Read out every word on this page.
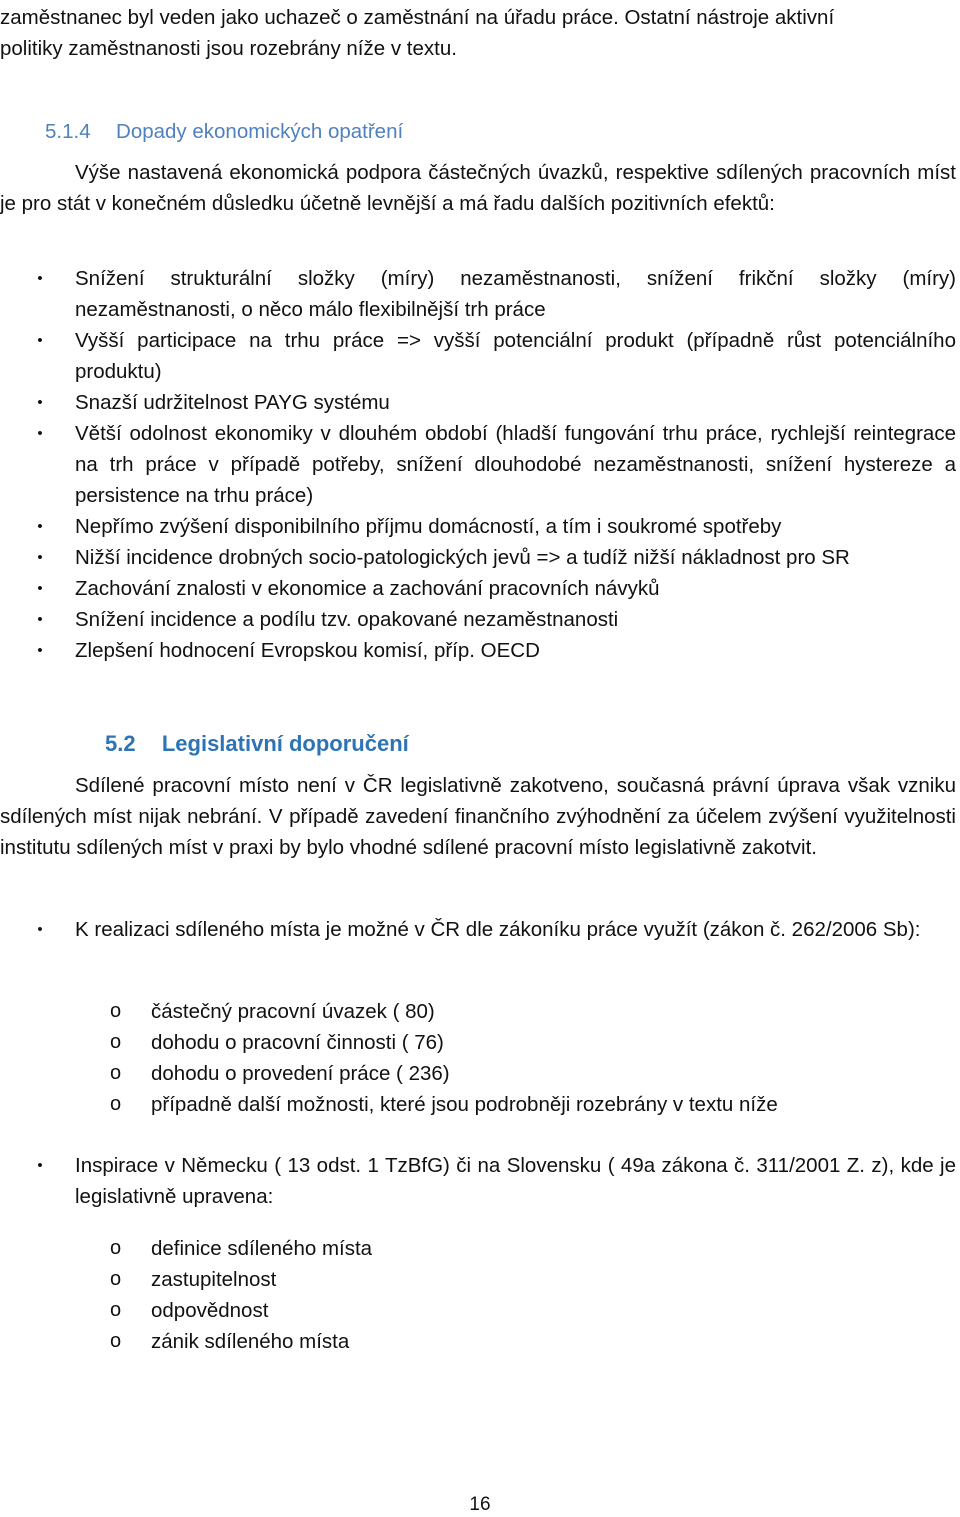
zaměstnanec byl veden jako uchazeč o zaměstnání na úřadu práce. Ostatní nástroje aktivní

politiky zaměstnanosti jsou rozebrány níže v textu.

5.1.4 Dopady ekonomických opatření

Výše nastavená ekonomická podpora částečných úvazků, respektive sdílených pracovních míst je pro stát v konečném důsledku účetně levnější a má řadu dalších pozitivních efektů:

•	Snížení strukturální složky (míry) nezaměstnanosti, snížení frikční složky (míry) nezaměstnanosti, o něco málo flexibilnější trh práce
•	Vyšší participace na trhu práce => vyšší potenciální produkt (případně růst potenciálního produktu)
•	Snazší udržitelnost PAYG systému
•	Větší odolnost ekonomiky v dlouhém období (hladší fungování trhu práce, rychlejší reintegrace na trh práce v případě potřeby, snížení dlouhodobé nezaměstnanosti, snížení hystereze a persistence na trhu práce)
•	Nepřímo zvýšení disponibilního příjmu domácností, a tím i soukromé spotřeby
•	Nižší incidence drobných socio-patologických jevů => a tudíž nižší nákladnost pro SR
•	Zachování znalosti v ekonomice a zachování pracovních návyků
•	Snížení incidence a podílu tzv. opakované nezaměstnanosti
•	Zlepšení hodnocení Evropskou komisí, příp. OECD
5.2 Legislativní doporučení

Sdílené pracovní místo není v ČR legislativně zakotveno, současná právní úprava však vzniku sdílených míst nijak nebrání. V případě zavedení finančního zvýhodnění za účelem zvýšení využitelnosti institutu sdílených míst v praxi by bylo vhodné sdílené pracovní místo legislativně zakotvit.

•	K realizaci sdíleného místa je možné v ČR dle zákoníku práce využít (zákon č. 262/2006 Sb):
o částečný pracovní úvazek ( 80)
o dohodu o pracovní činnosti ( 76)
o dohodu o provedení práce ( 236)
o případně další možnosti, které jsou podrobněji rozebrány v textu níže
•	Inspirace v Německu ( 13 odst. 1 TzBfG) či na Slovensku ( 49a zákona č. 311/2001 Z. z), kde je legislativně upravena:
o definice sdíleného místa
o zastupitelnost
o odpovědnost
o zánik sdíleného místa
16
